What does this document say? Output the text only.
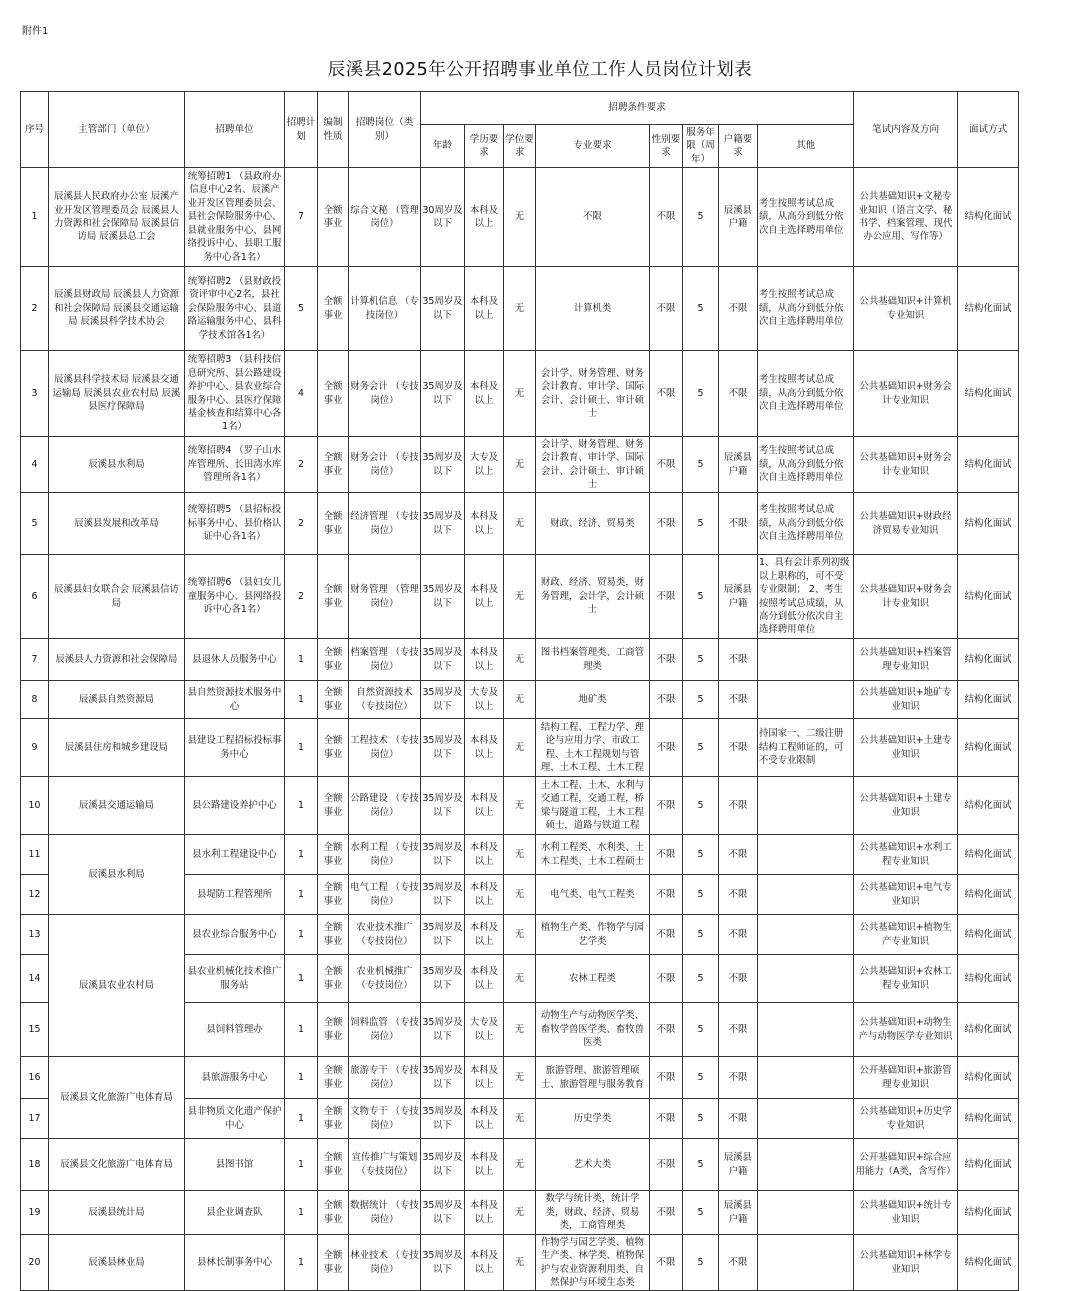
附件1
辰溪县2025年公开招聘事业单位工作人员岗位计划表
序号	主管部门（单位）	招聘单位	招聘计划	编制性质	招聘岗位（类别）	招聘条件要求								笔试内容及方向	面试方式
						年龄	学历要求	学位要求	专业要求	性别要求	服务年限（周年）	户籍要求	其他		
1	辰溪县人民政府办公室 辰溪产业开发区管理委员会 辰溪县人力资源和社会保障局 辰溪县信访局 辰溪县总工会	统筹招聘1 （县政府办信息中心2名、辰溪产业开发区管理委员会、县社会保险服务中心、县就业服务中心、县网络投诉中心、县职工服务中心各1名）	7	全额事业	综合文秘 （管理岗位）	30周岁及以下	本科及以上	无	不限	不限	5	辰溪县户籍	考生按照考试总成绩，从高分到低分依次自主选择聘用单位	公共基础知识+文秘专业知识（语言文学、秘书学、档案管理、现代办公应用、写作等）	结构化面试
2	辰溪县财政局 辰溪县人力资源和社会保障局 辰溪县交通运输局 辰溪县科学技术协会	统筹招聘2 （县财政投资评审中心2名，县社会保险服务中心、县道路运输服务中心、县科学技术馆各1名）	5	全额事业	计算机信息 （专技岗位）	35周岁及以下	本科及以上	无	计算机类	不限	5	不限	考生按照考试总成绩，从高分到低分依次自主选择聘用单位	公共基础知识+计算机专业知识	结构化面试
3	辰溪县科学技术局 辰溪县交通运输局 辰溪县农业农村局 辰溪县医疗保障局	统筹招聘3 （县科技信息研究所、县公路建设养护中心、县农业综合服务中心、县医疗保障基金核查和结算中心各1名）	4	全额事业	财务会计 （专技岗位）	35周岁及以下	本科及以上	无	会计学、财务管理、财务会计教育、审计学、国际会计、会计硕士、审计硕士	不限	5	不限	考生按照考试总成绩，从高分到低分依次自主选择聘用单位	公共基础知识+财务会计专业知识	结构化面试
4	辰溪县水利局	统筹招聘4 （罗子山水库管理所、长田湾水库管理所各1名）	2	全额事业	财务会计 （专技岗位）	35周岁及以下	大专及以上	无	会计学、财务管理、财务会计教育、审计学、国际会计、会计硕士、审计硕士	不限	5	辰溪县户籍	考生按照考试总成绩，从高分到低分依次自主选择聘用单位	公共基础知识+财务会计专业知识	结构化面试
5	辰溪县发展和改革局	统筹招聘5 （县招标投标事务中心、县价格认证中心各1名）	2	全额事业	经济管理 （专技岗位）	35周岁及以下	本科及以上	无	财政、经济、贸易类	不限	5	不限	考生按照考试总成绩，从高分到低分依次自主选择聘用单位	公共基础知识+财政经济贸易专业知识	结构化面试
6	辰溪县妇女联合会 辰溪县信访局	统筹招聘6 （县妇女儿童服务中心、县网络投诉中心各1名）	2	全额事业	财务管理 （管理岗位）	35周岁及以下	本科及以上	无	财政、经济、贸易类，财务管理，会计学，会计硕士	不限	5	辰溪县户籍	1、具有会计系列初级以上职称的，可不受专业限制； 2、考生按照考试总成绩，从高分到低分依次自主选择聘用单位	公共基础知识+财务会计专业知识	结构化面试
7	辰溪县人力资源和社会保障局	县退休人员服务中心	1	全额事业	档案管理 （专技岗位）	35周岁及以下	本科及以上	无	图书档案管理类、工商管理类	不限	5	不限		公共基础知识+档案管理专业知识	结构化面试
8	辰溪县自然资源局	县自然资源技术服务中心	1	全额事业	自然资源技术 （专技岗位）	35周岁及以下	大专及以上	无	地矿类	不限	5	不限		公共基础知识+地矿专业知识	结构化面试
9	辰溪县住房和城乡建设局	县建设工程招标投标事务中心	1	全额事业	工程技术 （专技岗位）	35周岁及以下	本科及以上	无	结构工程、工程力学、理论与应用力学、市政工程、土木工程规划与管理、土木工程、土木工程	不限	5	不限	持国家一、二级注册结构工程师证的，可不受专业限制	公共基础知识+土建专业知识	结构化面试
10	辰溪县交通运输局	县公路建设养护中心	1	全额事业	公路建设 （专技岗位）	35周岁及以下	本科及以上	无	土木工程、土木、水利与交通工程，交通工程，桥梁与隧道工程，土木工程硕士，道路与铁道工程	不限	5	不限		公共基础知识+土建专业知识	结构化面试
11	辰溪县水利局	县水利工程建设中心	1	全额事业	水利工程 （专技岗位）	35周岁及以下	本科及以上	无	水利工程类、水利类、土木工程类、土木工程硕士	不限	5	不限		公共基础知识+水利工程专业知识	结构化面试
12		县堤防工程管理所	1	全额事业	电气工程 （专技岗位）	35周岁及以下	本科及以上	无	电气类、电气工程类	不限	5	不限		公共基础知识+电气专业知识	结构化面试
13	辰溪县农业农村局	县农业综合服务中心	1	全额事业	农业技术推广 （专技岗位）	35周岁及以下	本科及以上	无	植物生产类、作物学与园艺学类	不限	5	不限		公共基础知识+植物生产专业知识	结构化面试
14		县农业机械化技术推广服务站	1	全额事业	农业机械推广 （专技岗位）	35周岁及以下	本科及以上	无	农林工程类	不限	5	不限		公共基础知识+农林工程专业知识	结构化面试
15		县饲料管理办	1	全额事业	饲料监管 （专技岗位）	35周岁及以下	大专及以上	无	动物生产与动物医学类、畜牧学兽医学类、畜牧兽医类	不限	5	不限		公共基础知识+动物生产与动物医学专业知识	结构化面试
16	辰溪县文化旅游广电体育局	县旅游服务中心	1	全额事业	旅游专干 （专技岗位）	35周岁及以下	本科及以上	无	旅游管理、旅游管理硕士、旅游管理与服务教育	不限	5	不限		公开基础知识+旅游管理专业知识	结构化面试
17		县非物质文化遗产保护中心	1	全额事业	文物专干 （专技岗位）	35周岁及以下	本科及以上	无	历史学类	不限	5	不限		公共基础知识+历史学专业知识	结构化面试
18	辰溪县文化旅游广电体育局	县图书馆	1	全额事业	宣传推广与策划 （专技岗位）	35周岁及以下	本科及以上	无	艺术大类	不限	5	辰溪县户籍		公开基础知识+综合应用能力（A类，含写作）	结构化面试
19	辰溪县统计局	县企业调查队	1	全额事业	数据统计 （专技岗位）	35周岁及以下	本科及以上	无	数学与统计类，统计学类，财政、经济、贸易类，工商管理类	不限	5	辰溪县户籍		公共基础知识+统计专业知识	结构化面试
20	辰溪县林业局	县林长制事务中心	1	全额事业	林业技术 （专技岗位）	35周岁及以下	本科及以上	无	作物学与园艺学类、植物生产类、林学类、植物保护与农业资源利用类、自然保护与环境生态类	不限	5	不限		公共基础知识+林学专业知识	结构化面试
